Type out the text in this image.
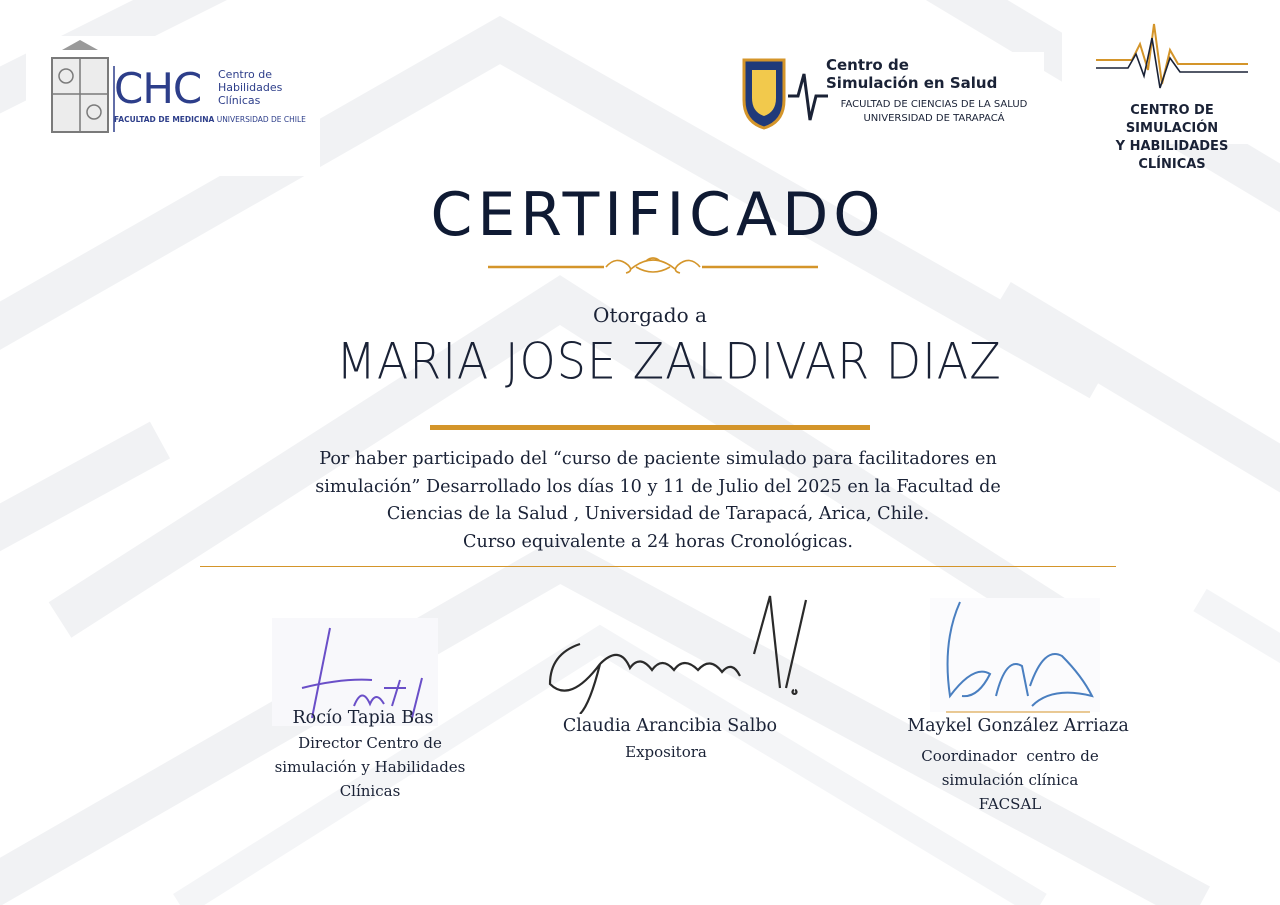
CHC Centro de
Habilidades
Clínicas
FACULTAD DE MEDICINA UNIVERSIDAD DE CHILE
Centro de
Simulación en Salud
FACULTAD DE CIENCIAS DE LA SALUD
UNIVERSIDAD DE TARAPACÁ
CENTRO DE SIMULACIÓN
Y HABILIDADES CLÍNICAS
CERTIFICADO
Otorgado a
MARIA JOSE ZALDIVAR DIAZ
Por haber participado del “curso de paciente simulado para facilitadores en
simulación” Desarrollado los días 10 y 11 de Julio del 2025 en la Facultad de
Ciencias de la Salud , Universidad de Tarapacá, Arica, Chile.
Curso equivalente a 24 horas Cronológicas.
Rocío Tapia Bas
Director Centro de
simulación y Habilidades
Clínicas
Claudia Arancibia Salbo
Expositora
Maykel González Arriaza
Coordinador  centro de
simulación clínica
FACSAL
